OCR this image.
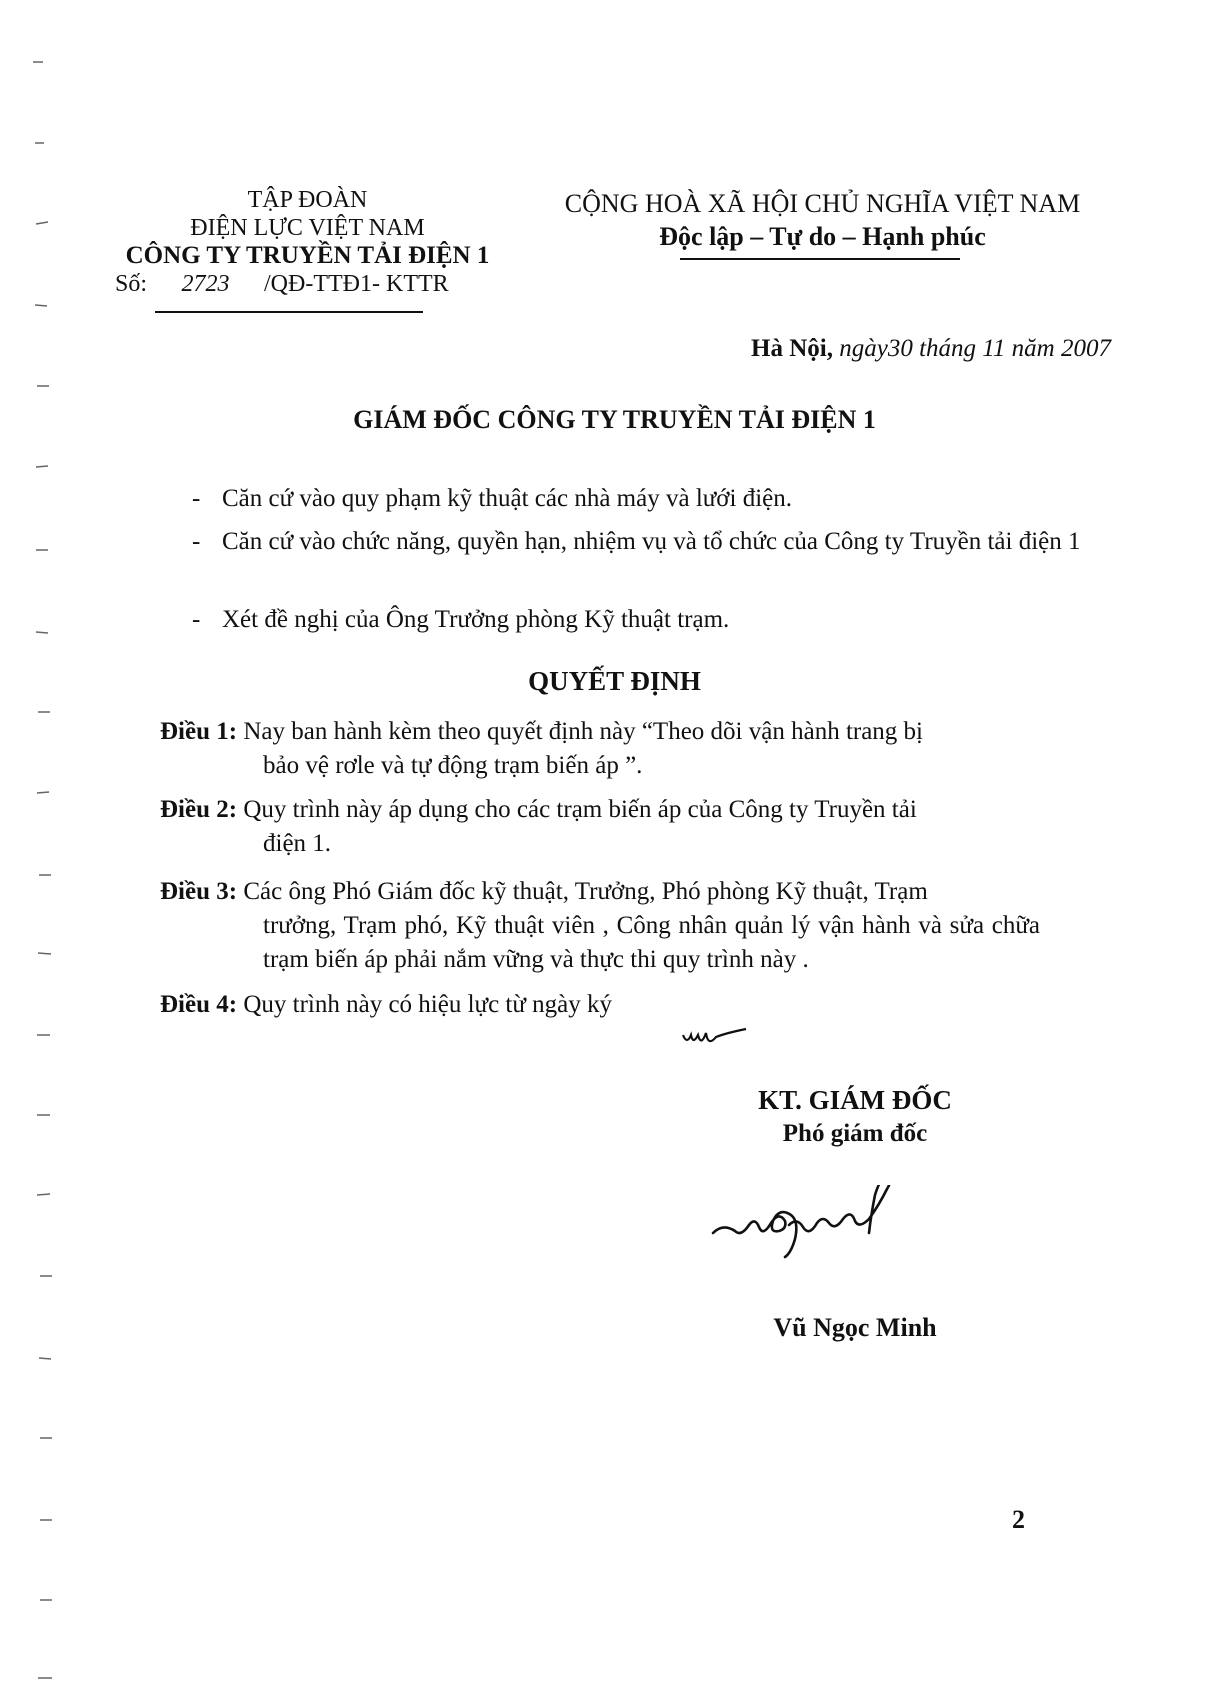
TẬP ĐOÀN
ĐIỆN LỰC VIỆT NAM
CÔNG TY TRUYỀN TẢI ĐIỆN 1
Số: 2723 /QĐ-TTĐ1- KTTR
CỘNG HOÀ XÃ HỘI CHỦ NGHĨA VIỆT NAM
Độc lập – Tự do – Hạnh phúc
Hà Nội, ngày30 tháng 11 năm 2007
GIÁM ĐỐC CÔNG TY TRUYỀN TẢI ĐIỆN 1
- Căn cứ vào quy phạm kỹ thuật các nhà máy và lưới điện.
- Căn cứ vào chức năng, quyền hạn, nhiệm vụ và tổ chức của Công ty Truyền tải điện 1
- Xét đề nghị của Ông Trưởng phòng Kỹ thuật trạm.
QUYẾT ĐỊNH
Điều 1: Nay ban hành kèm theo quyết định này “Theo dõi vận hành trang bị
bảo vệ rơle và tự động trạm biến áp ”.
Điều 2: Quy trình này áp dụng cho các trạm biến áp của Công ty Truyền tải
điện 1.
Điều 3: Các ông Phó Giám đốc kỹ thuật, Trưởng, Phó phòng Kỹ thuật, Trạm
trưởng, Trạm phó, Kỹ thuật viên , Công nhân quản lý vận hành và sửa chữa trạm biến áp phải nắm vững và thực thi quy trình này .
Điều 4: Quy trình này có hiệu lực từ ngày ký
KT. GIÁM ĐỐC
Phó giám đốc
Vũ Ngọc Minh
2
